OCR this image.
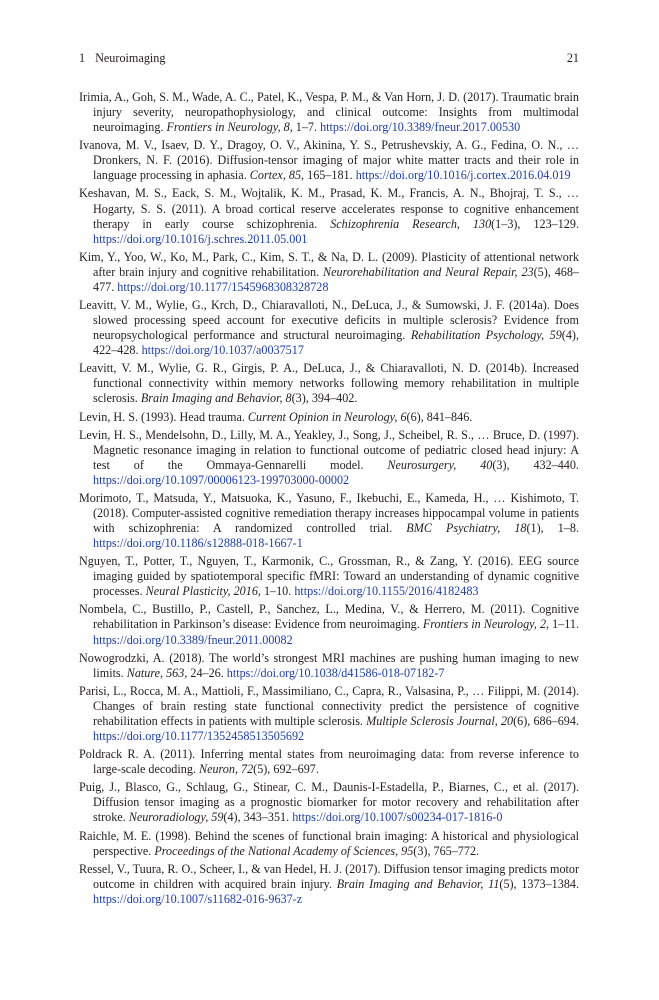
1 Neuroimaging	21

Irimia, A., Goh, S. M., Wade, A. C., Patel, K., Vespa, P. M., & Van Horn, J. D. (2017). Traumatic brain injury severity, neuropathophysiology, and clinical outcome: Insights from multimodal neuroimaging. Frontiers in Neurology, 8, 1–7. https://doi.org/10.3389/fneur.2017.00530

Ivanova, M. V., Isaev, D. Y., Dragoy, O. V., Akinina, Y. S., Petrushevskiy, A. G., Fedina, O. N., … Dronkers, N. F. (2016). Diffusion-tensor imaging of major white matter tracts and their role in language processing in aphasia. Cortex, 85, 165–181. https://doi.org/10.1016/j.cortex.2016.04.019

Keshavan, M. S., Eack, S. M., Wojtalik, K. M., Prasad, K. M., Francis, A. N., Bhojraj, T. S., … Hogarty, S. S. (2011). A broad cortical reserve accelerates response to cognitive enhancement therapy in early course schizophrenia. Schizophrenia Research, 130(1–3), 123–129. https://doi.org/10.1016/j.schres.2011.05.001

Kim, Y., Yoo, W., Ko, M., Park, C., Kim, S. T., & Na, D. L. (2009). Plasticity of attentional network after brain injury and cognitive rehabilitation. Neurorehabilitation and Neural Repair, 23(5), 468–477. https://doi.org/10.1177/1545968308328728

Leavitt, V. M., Wylie, G., Krch, D., Chiaravalloti, N., DeLuca, J., & Sumowski, J. F. (2014a). Does slowed processing speed account for executive deficits in multiple sclerosis? Evidence from neuropsychological performance and structural neuroimaging. Rehabilitation Psychology, 59(4), 422–428. https://doi.org/10.1037/a0037517

Leavitt, V. M., Wylie, G. R., Girgis, P. A., DeLuca, J., & Chiaravalloti, N. D. (2014b). Increased functional connectivity within memory networks following memory rehabilitation in multiple sclerosis. Brain Imaging and Behavior, 8(3), 394–402.

Levin, H. S. (1993). Head trauma. Current Opinion in Neurology, 6(6), 841–846.

Levin, H. S., Mendelsohn, D., Lilly, M. A., Yeakley, J., Song, J., Scheibel, R. S., … Bruce, D. (1997). Magnetic resonance imaging in relation to functional outcome of pediatric closed head injury: A test of the Ommaya-Gennarelli model. Neurosurgery, 40(3), 432–440. https://doi.org/10.1097/00006123-199703000-00002

Morimoto, T., Matsuda, Y., Matsuoka, K., Yasuno, F., Ikebuchi, E., Kameda, H., … Kishimoto, T. (2018). Computer-assisted cognitive remediation therapy increases hippocampal volume in patients with schizophrenia: A randomized controlled trial. BMC Psychiatry, 18(1), 1–8. https://doi.org/10.1186/s12888-018-1667-1

Nguyen, T., Potter, T., Nguyen, T., Karmonik, C., Grossman, R., & Zang, Y. (2016). EEG source imaging guided by spatiotemporal specific fMRI: Toward an understanding of dynamic cognitive processes. Neural Plasticity, 2016, 1–10. https://doi.org/10.1155/2016/4182483

Nombela, C., Bustillo, P., Castell, P., Sanchez, L., Medina, V., & Herrero, M. (2011). Cognitive rehabilitation in Parkinson’s disease: Evidence from neuroimaging. Frontiers in Neurology, 2, 1–11. https://doi.org/10.3389/fneur.2011.00082

Nowogrodzki, A. (2018). The world’s strongest MRI machines are pushing human imaging to new limits. Nature, 563, 24–26. https://doi.org/10.1038/d41586-018-07182-7

Parisi, L., Rocca, M. A., Mattioli, F., Massimiliano, C., Capra, R., Valsasina, P., … Filippi, M. (2014). Changes of brain resting state functional connectivity predict the persistence of cognitive rehabilitation effects in patients with multiple sclerosis. Multiple Sclerosis Journal, 20(6), 686–694. https://doi.org/10.1177/1352458513505692

Poldrack R. A. (2011). Inferring mental states from neuroimaging data: from reverse inference to large-scale decoding. Neuron, 72(5), 692–697.

Puig, J., Blasco, G., Schlaug, G., Stinear, C. M., Daunis-I-Estadella, P., Biarnes, C., et al. (2017). Diffusion tensor imaging as a prognostic biomarker for motor recovery and rehabilitation after stroke. Neuroradiology, 59(4), 343–351. https://doi.org/10.1007/s00234-017-1816-0

Raichle, M. E. (1998). Behind the scenes of functional brain imaging: A historical and physiological perspective. Proceedings of the National Academy of Sciences, 95(3), 765–772.

Ressel, V., Tuura, R. O., Scheer, I., & van Hedel, H. J. (2017). Diffusion tensor imaging predicts motor outcome in children with acquired brain injury. Brain Imaging and Behavior, 11(5), 1373–1384. https://doi.org/10.1007/s11682-016-9637-z
